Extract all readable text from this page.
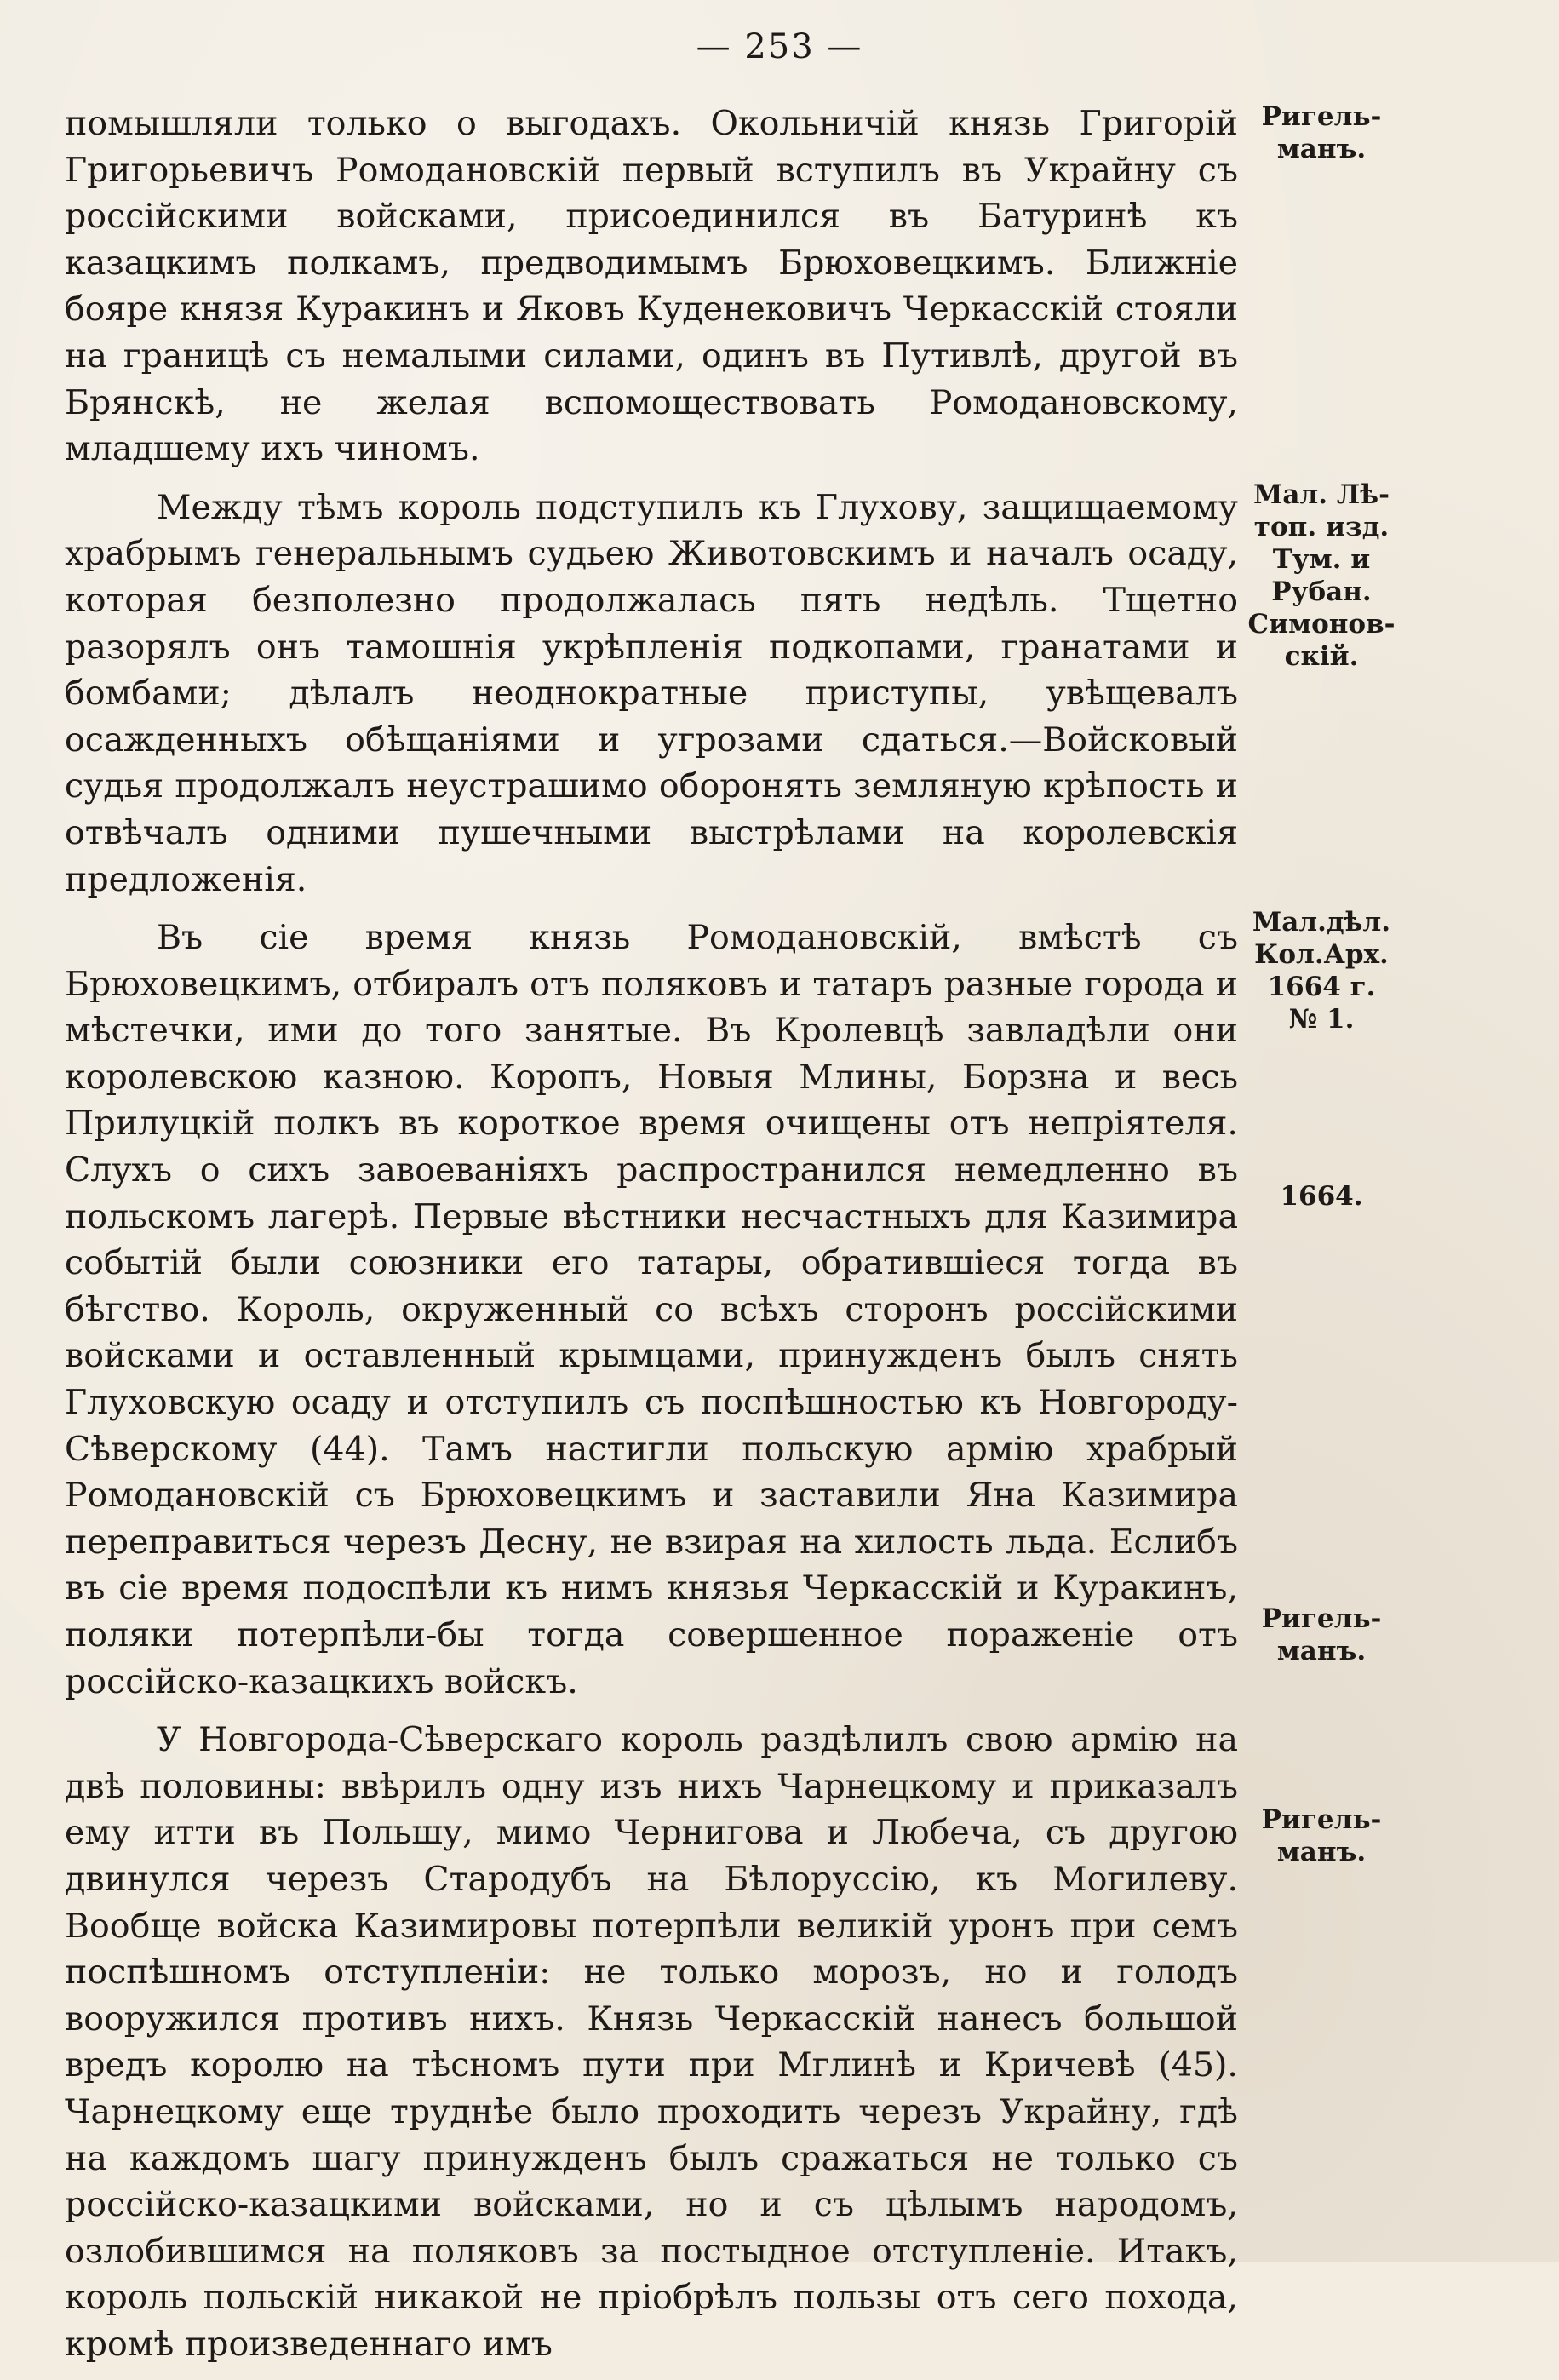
— 253 —

помышляли только о выгодахъ. Окольничій князь Григорій Григорьевичъ Ромодановскій первый вступилъ въ Украйну съ россійскими войсками, присоединился въ Батуринѣ къ казацкимъ полкамъ, предводимымъ Брюховецкимъ. Ближніе бояре князя Куракинъ и Яковъ Куденековичъ Черкасскій стояли на границѣ съ немалыми силами, одинъ въ Путивлѣ, другой въ Брянскѣ, не желая вспомоществовать Ромодановскому, младшему ихъ чиномъ.

Между тѣмъ король подступилъ къ Глухову, защищаемому храбрымъ генеральнымъ судьею Животовскимъ и началъ осаду, которая безполезно продолжалась пять недѣль. Тщетно разорялъ онъ тамошнія укрѣпленія подкопами, гранатами и бомбами; дѣлалъ неоднократные приступы, увѣщевалъ осажденныхъ обѣщаніями и угрозами сдаться.—Войсковый судья продолжалъ неустрашимо оборонять земляную крѣпость и отвѣчалъ одними пушечными выстрѣлами на королевскія предложенія.

Въ сіе время князь Ромодановскій, вмѣстѣ съ Брюховецкимъ, отбиралъ отъ поляковъ и татаръ разные города и мѣстечки, ими до того занятые. Въ Кролевцѣ завладѣли они королевскою казною. Коропъ, Новыя Млины, Борзна и весь Прилуцкій полкъ въ короткое время очищены отъ непріятеля. Слухъ о сихъ завоеваніяхъ распространился немедленно въ польскомъ лагерѣ. Первые вѣстники несчастныхъ для Казимира событій были союзники его татары, обратившіеся тогда въ бѣгство. Король, окруженный со всѣхъ сторонъ россійскими войсками и оставленный крымцами, принужденъ былъ снять Глуховскую осаду и отступилъ съ поспѣшностью къ Новгороду-Сѣверскому (44). Тамъ настигли польскую армію храбрый Ромодановскій съ Брюховецкимъ и заставили Яна Казимира переправиться черезъ Десну, не взирая на хилость льда. Еслибъ въ сіе время подоспѣли къ нимъ князья Черкасскій и Куракинъ, поляки потерпѣли-бы тогда совершенное пораженіе отъ россійско-казацкихъ войскъ.

У Новгорода-Сѣверскаго король раздѣлилъ свою армію на двѣ половины: ввѣрилъ одну изъ нихъ Чарнецкому и приказалъ ему итти въ Польшу, мимо Чернигова и Любеча, съ другою двинулся черезъ Стародубъ на Бѣлоруссію, къ Могилеву. Вообще войска Казимировы потерпѣли великій уронъ при семъ поспѣшномъ отступленіи: не только морозъ, но и голодъ вооружился противъ нихъ. Князь Черкасскій нанесъ большой вредъ королю на тѣсномъ пути при Мглинѣ и Кричевѣ (45). Чарнецкому еще труднѣе было проходить черезъ Украйну, гдѣ на каждомъ шагу принужденъ былъ сражаться не только съ россійско-казацкими войсками, но и съ цѣлымъ народомъ, озлобившимся на поляковъ за постыдное отступленіе. Итакъ, король польскій никакой не пріобрѣлъ пользы отъ сего похода, кромѣ произведеннаго имъ

Ригель-
манъ.
Мал. Лѣ-
топ. изд.
Тум. и
Рубан.
Симонов-
скій.
Мал.дѣл.
Кол.Арх.
1664 г.
№ 1.
1664.
Ригель-
манъ.
Ригель-
манъ.
